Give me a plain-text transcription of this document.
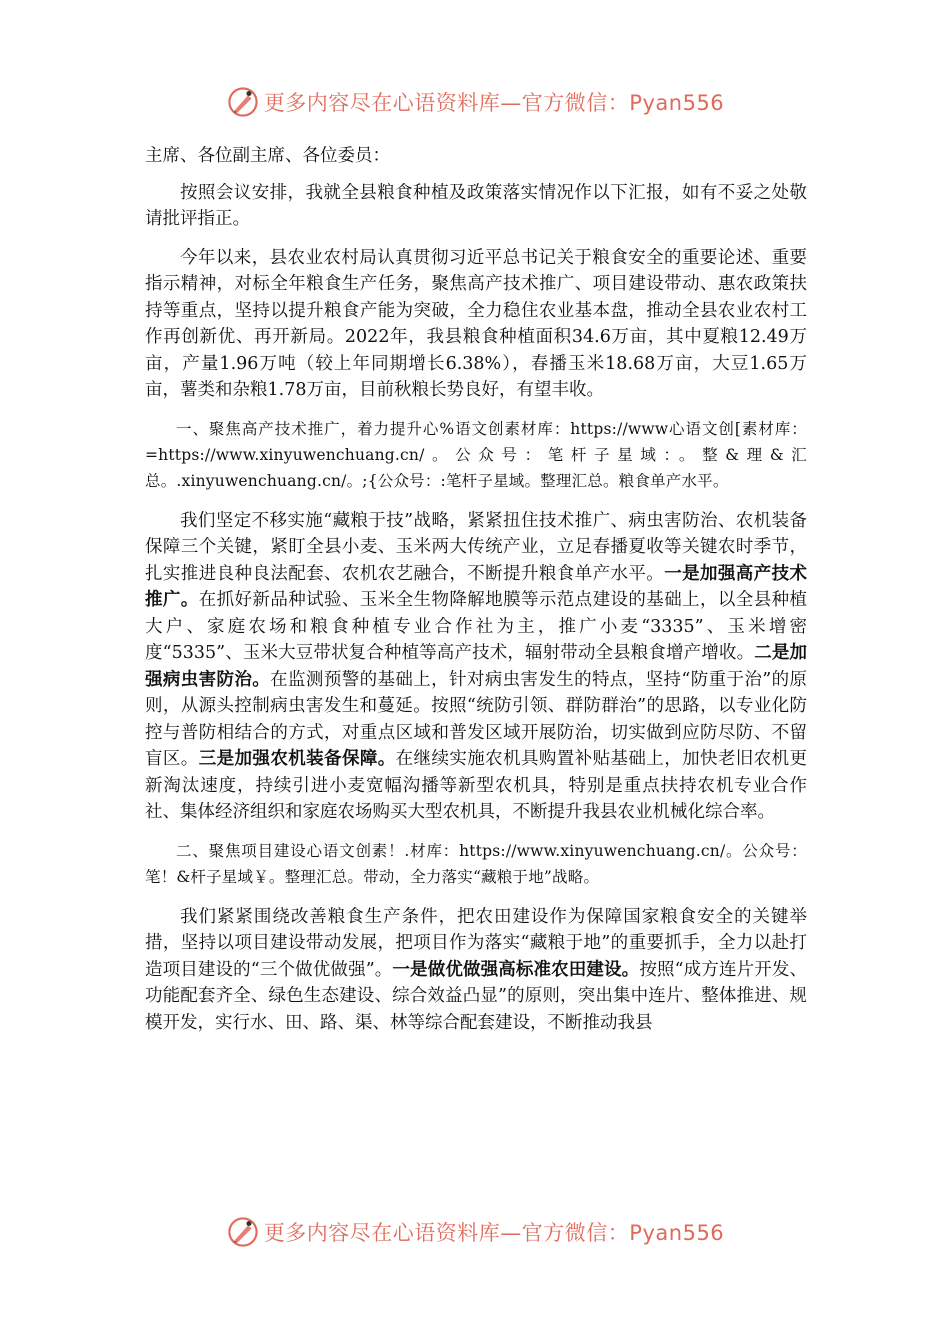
更多内容尽在心语资料库—官方微信：Pyan556

主席、各位副主席、各位委员：

按照会议安排，我就全县粮食种植及政策落实情况作以下汇报，如有不妥之处敬请批评指正。

今年以来，县农业农村局认真贯彻习近平总书记关于粮食安全的重要论述、重要指示精神，对标全年粮食生产任务，聚焦高产技术推广、项目建设带动、惠农政策扶持等重点，坚持以提升粮食产能为突破，全力稳住农业基本盘，推动全县农业农村工作再创新优、再开新局。2022年，我县粮食种植面积34.6万亩，其中夏粮12.49万亩，产量1.96万吨（较上年同期增长6.38%），春播玉米18.68万亩，大豆1.65万亩，薯类和杂粮1.78万亩，目前秋粮长势良好，有望丰收。

一、聚焦高产技术推广，着力提升心%语文创素材库：https://www心语文创[素材库：=https://www.xinyuwenchuang.cn/。公众号：笔杆子星域：。整&理&汇总。.xinyuwenchuang.cn/。;{公众号：:笔杆子星域。整理汇总。粮食单产水平。

我们坚定不移实施“藏粮于技”战略，紧紧扭住技术推广、病虫害防治、农机装备保障三个关键，紧盯全县小麦、玉米两大传统产业，立足春播夏收等关键农时季节，扎实推进良种良法配套、农机农艺融合，不断提升粮食单产水平。一是加强高产技术推广。在抓好新品种试验、玉米全生物降解地膜等示范点建设的基础上，以全县种植大户、家庭农场和粮食种植专业合作社为主，推广小麦“3335”、玉米增密度“5335”、玉米大豆带状复合种植等高产技术，辐射带动全县粮食增产增收。二是加强病虫害防治。在监测预警的基础上，针对病虫害发生的特点，坚持“防重于治”的原则，从源头控制病虫害发生和蔓延。按照“统防引领、群防群治”的思路，以专业化防控与普防相结合的方式，对重点区域和普发区域开展防治，切实做到应防尽防、不留盲区。三是加强农机装备保障。在继续实施农机具购置补贴基础上，加快老旧农机更新淘汰速度，持续引进小麦宽幅沟播等新型农机具，特别是重点扶持农机专业合作社、集体经济组织和家庭农场购买大型农机具，不断提升我县农业机械化综合率。

二、聚焦项目建设心语文创素！.材库：https://www.xinyuwenchuang.cn/。公众号：笔！&杆子星域￥。整理汇总。带动，全力落实“藏粮于地”战略。

我们紧紧围绕改善粮食生产条件，把农田建设作为保障国家粮食安全的关键举措，坚持以项目建设带动发展，把项目作为落实“藏粮于地”的重要抓手，全力以赴打造项目建设的“三个做优做强”。一是做优做强高标准农田建设。按照“成方连片开发、功能配套齐全、绿色生态建设、综合效益凸显”的原则，突出集中连片、整体推进、规模开发，实行水、田、路、渠、林等综合配套建设，不断推动我县

更多内容尽在心语资料库—官方微信：Pyan556
